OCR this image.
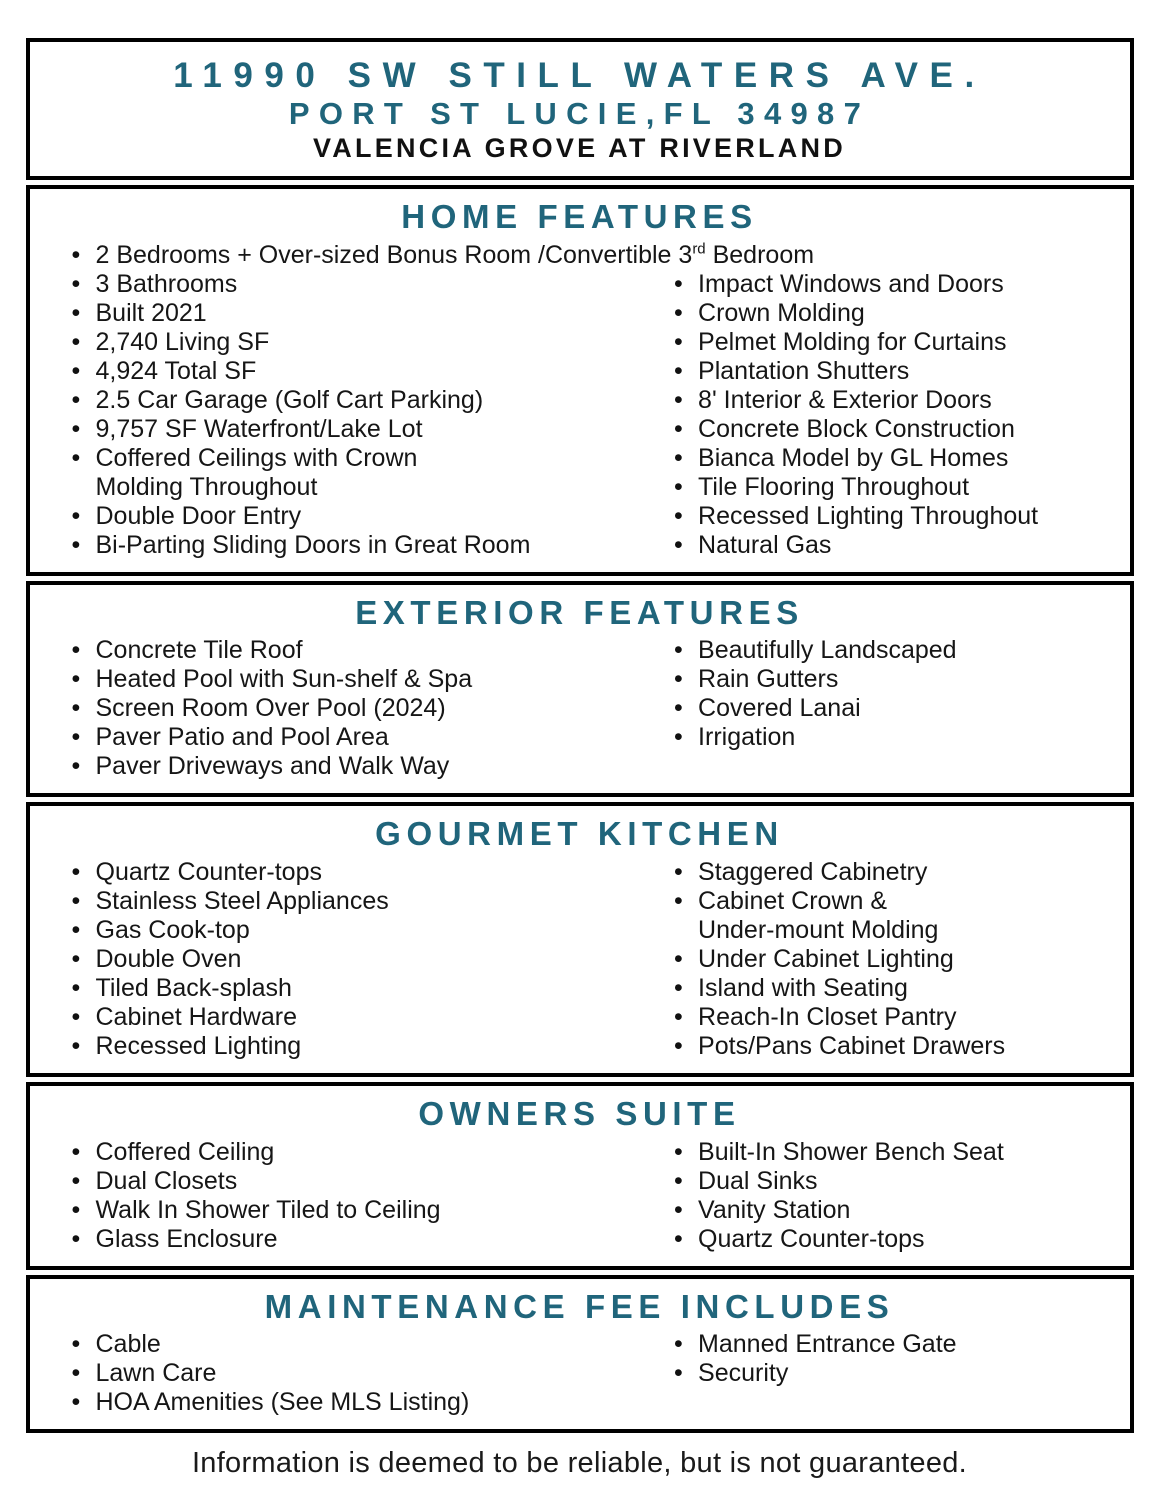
11990 SW STILL WATERS AVE.
PORT ST LUCIE,FL 34987
VALENCIA GROVE AT RIVERLAND
HOME FEATURES
• 2 Bedrooms + Over-sized Bonus Room /Convertible 3rd Bedroom
• 3 Bathrooms
• Built 2021
• 2,740 Living SF
• 4,924 Total SF
• 2.5 Car Garage (Golf Cart Parking)
• 9,757 SF Waterfront/Lake Lot
• Coffered Ceilings with Crown
Molding Throughout
• Double Door Entry
• Bi-Parting Sliding Doors in Great Room
• Impact Windows and Doors
• Crown Molding
• Pelmet Molding for Curtains
• Plantation Shutters
• 8' Interior & Exterior Doors
• Concrete Block Construction
• Bianca Model by GL Homes
• Tile Flooring Throughout
• Recessed Lighting Throughout
• Natural Gas
EXTERIOR FEATURES
• Concrete Tile Roof
• Heated Pool with Sun-shelf & Spa
• Screen Room Over Pool (2024)
• Paver Patio and Pool Area
• Paver Driveways and Walk Way
• Beautifully Landscaped
• Rain Gutters
• Covered Lanai
• Irrigation
GOURMET KITCHEN
• Quartz Counter-tops
• Stainless Steel Appliances
• Gas Cook-top
• Double Oven
• Tiled Back-splash
• Cabinet Hardware
• Recessed Lighting
• Staggered Cabinetry
• Cabinet Crown &
Under-mount Molding
• Under Cabinet Lighting
• Island with Seating
• Reach-In Closet Pantry
• Pots/Pans Cabinet Drawers
OWNERS SUITE
• Coffered Ceiling
• Dual Closets
• Walk In Shower Tiled to Ceiling
• Glass Enclosure
• Built-In Shower Bench Seat
• Dual Sinks
• Vanity Station
• Quartz Counter-tops
MAINTENANCE FEE INCLUDES
• Cable
• Lawn Care
• HOA Amenities (See MLS Listing)
• Manned Entrance Gate
• Security
Information is deemed to be reliable, but is not guaranteed.
